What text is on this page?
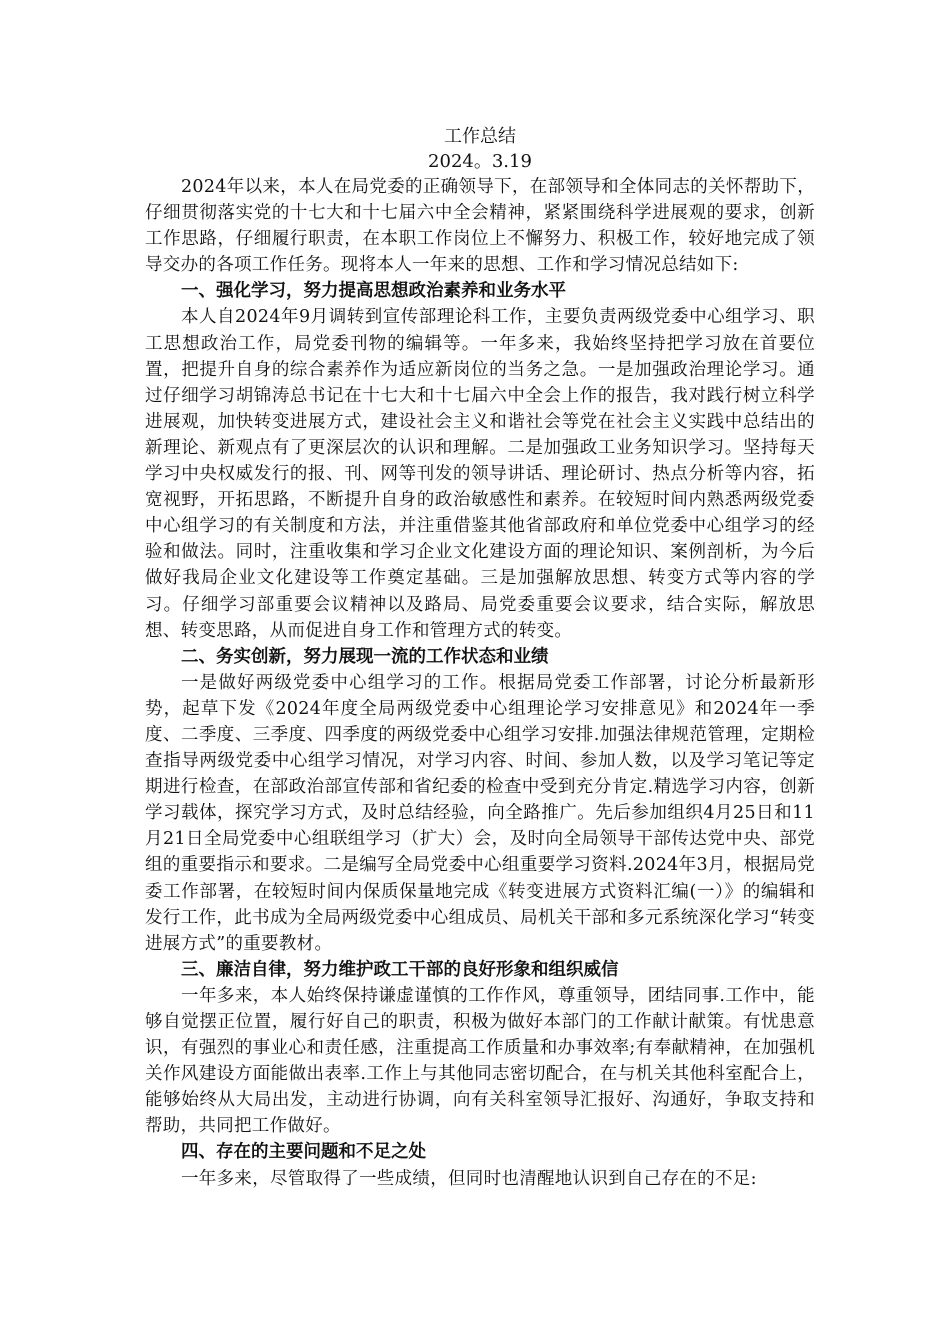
工作总结

2024。3.19

2024年以来，本人在局党委的正确领导下，在部领导和全体同志的关怀帮助下，仔细贯彻落实党的十七大和十七届六中全会精神，紧紧围绕科学进展观的要求，创新工作思路，仔细履行职责，在本职工作岗位上不懈努力、积极工作，较好地完成了领导交办的各项工作任务。现将本人一年来的思想、工作和学习情况总结如下:

一、强化学习，努力提高思想政治素养和业务水平

本人自2024年9月调转到宣传部理论科工作，主要负责两级党委中心组学习、职工思想政治工作，局党委刊物的编辑等。一年多来，我始终坚持把学习放在首要位置，把提升自身的综合素养作为适应新岗位的当务之急。一是加强政治理论学习。通过仔细学习胡锦涛总书记在十七大和十七届六中全会上作的报告，我对践行树立科学进展观，加快转变进展方式，建设社会主义和谐社会等党在社会主义实践中总结出的新理论、新观点有了更深层次的认识和理解。二是加强政工业务知识学习。坚持每天学习中央权威发行的报、刊、网等刊发的领导讲话、理论研讨、热点分析等内容，拓宽视野，开拓思路，不断提升自身的政治敏感性和素养。在较短时间内熟悉两级党委中心组学习的有关制度和方法，并注重借鉴其他省部政府和单位党委中心组学习的经验和做法。同时，注重收集和学习企业文化建设方面的理论知识、案例剖析，为今后做好我局企业文化建设等工作奠定基础。三是加强解放思想、转变方式等内容的学习。仔细学习部重要会议精神以及路局、局党委重要会议要求，结合实际，解放思想、转变思路，从而促进自身工作和管理方式的转变。

二、务实创新，努力展现一流的工作状态和业绩

一是做好两级党委中心组学习的工作。根据局党委工作部署，讨论分析最新形势，起草下发《2024年度全局两级党委中心组理论学习安排意见》和2024年一季度、二季度、三季度、四季度的两级党委中心组学习安排.加强法律规范管理，定期检查指导两级党委中心组学习情况，对学习内容、时间、参加人数，以及学习笔记等定期进行检查，在部政治部宣传部和省纪委的检查中受到充分肯定.精选学习内容，创新学习载体，探究学习方式，及时总结经验，向全路推广。先后参加组织4月25日和11月21日全局党委中心组联组学习（扩大）会，及时向全局领导干部传达党中央、部党组的重要指示和要求。二是编写全局党委中心组重要学习资料.2024年3月，根据局党委工作部署，在较短时间内保质保量地完成《转变进展方式资料汇编(一）》的编辑和发行工作，此书成为全局两级党委中心组成员、局机关干部和多元系统深化学习“转变进展方式”的重要教材。

三、廉洁自律，努力维护政工干部的良好形象和组织威信

一年多来，本人始终保持谦虚谨慎的工作作风，尊重领导，团结同事.工作中，能够自觉摆正位置，履行好自己的职责，积极为做好本部门的工作献计献策。有忧患意识，有强烈的事业心和责任感，注重提高工作质量和办事效率;有奉献精神，在加强机关作风建设方面能做出表率.工作上与其他同志密切配合，在与机关其他科室配合上，能够始终从大局出发，主动进行协调，向有关科室领导汇报好、沟通好，争取支持和帮助，共同把工作做好。

四、存在的主要问题和不足之处

一年多来，尽管取得了一些成绩，但同时也清醒地认识到自己存在的不足:
